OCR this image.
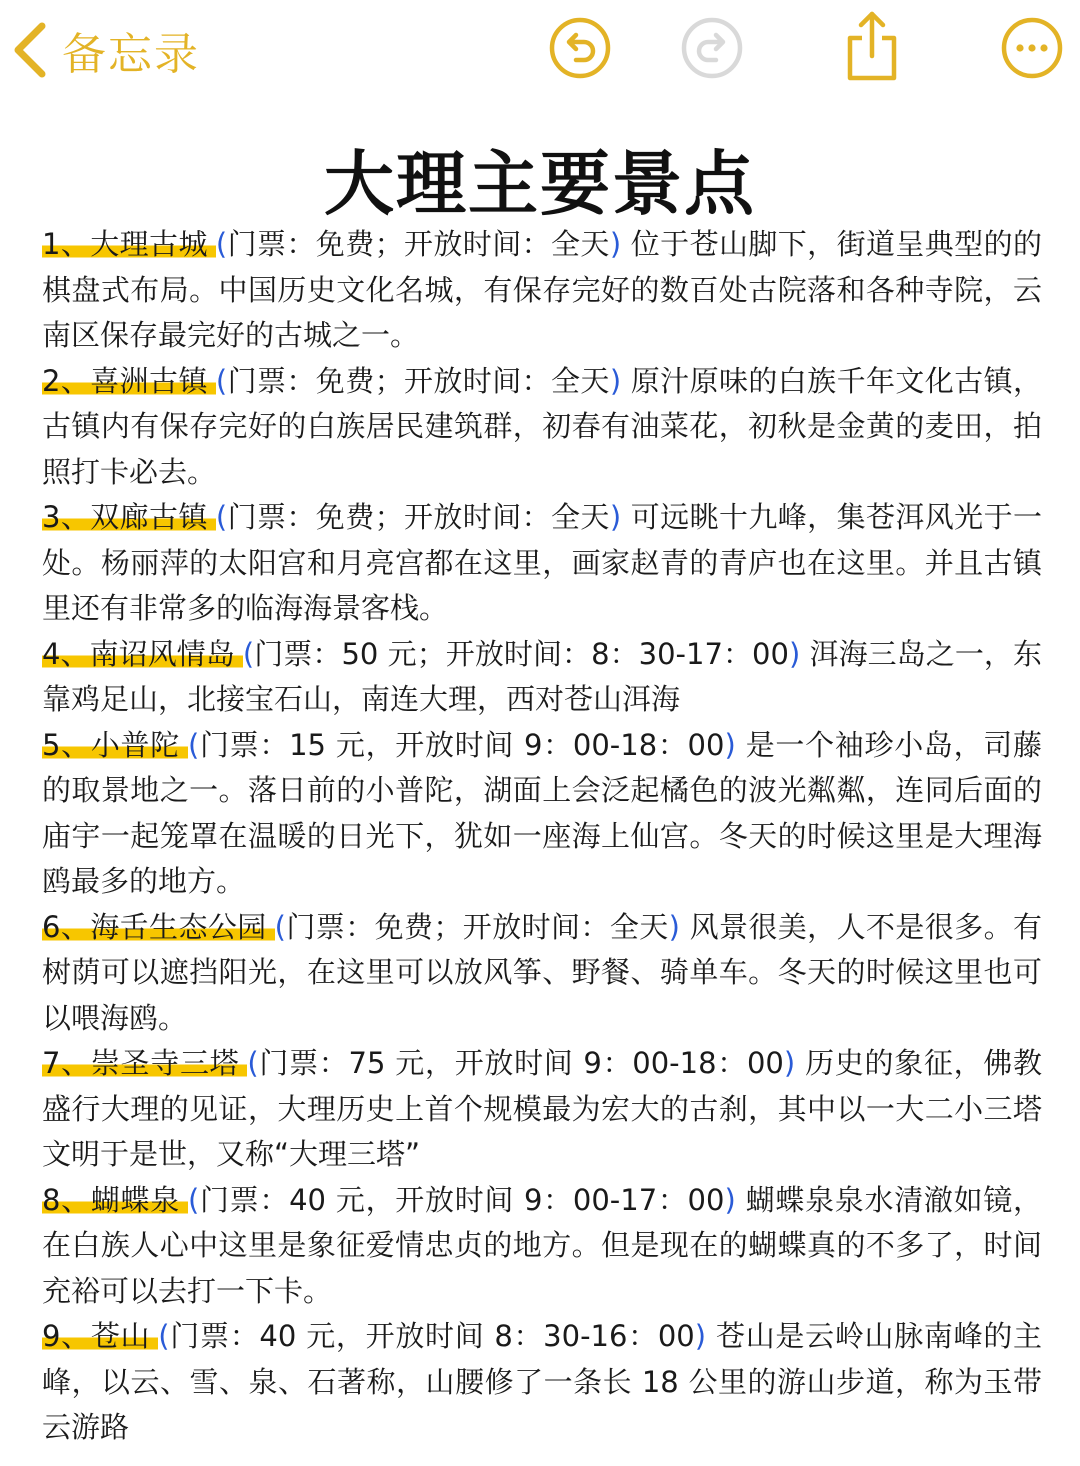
备忘录
大理主要景点

1、大理古城 (门票：免费；开放时间：全天) 位于苍山脚下，街道呈典型的的棋盘式布局。中国历史文化名城，有保存完好的数百处古院落和各种寺院，云南区保存最完好的古城之一。

2、喜洲古镇 (门票：免费；开放时间：全天) 原汁原味的白族千年文化古镇，古镇内有保存完好的白族居民建筑群，初春有油菜花，初秋是金黄的麦田，拍照打卡必去。

3、双廊古镇 (门票：免费；开放时间：全天) 可远眺十九峰，集苍洱风光于一处。杨丽萍的太阳宫和月亮宫都在这里，画家赵青的青庐也在这里。并且古镇里还有非常多的临海海景客栈。

4、南诏风情岛 (门票：50 元；开放时间：8：30-17：00) 洱海三岛之一，东靠鸡足山，北接宝石山，南连大理，西对苍山洱海

5、小普陀 (门票：15 元，开放时间 9：00-18：00) 是一个袖珍小岛，司藤的取景地之一。落日前的小普陀，湖面上会泛起橘色的波光粼粼，连同后面的庙宇一起笼罩在温暖的日光下，犹如一座海上仙宫。冬天的时候这里是大理海鸥最多的地方。

6、海舌生态公园 (门票：免费；开放时间：全天) 风景很美，人不是很多。有树荫可以遮挡阳光，在这里可以放风筝、野餐、骑单车。冬天的时候这里也可以喂海鸥。

7、崇圣寺三塔 (门票：75 元，开放时间 9：00-18：00) 历史的象征，佛教盛行大理的见证，大理历史上首个规模最为宏大的古刹，其中以一大二小三塔文明于是世，又称“大理三塔”

8、蝴蝶泉 (门票：40 元，开放时间 9：00-17：00) 蝴蝶泉泉水清澈如镜，在白族人心中这里是象征爱情忠贞的地方。但是现在的蝴蝶真的不多了，时间充裕可以去打一下卡。

9、苍山 (门票：40 元，开放时间 8：30-16：00) 苍山是云岭山脉南峰的主峰，以云、雪、泉、石著称，山腰修了一条长 18 公里的游山步道，称为玉带云游路
